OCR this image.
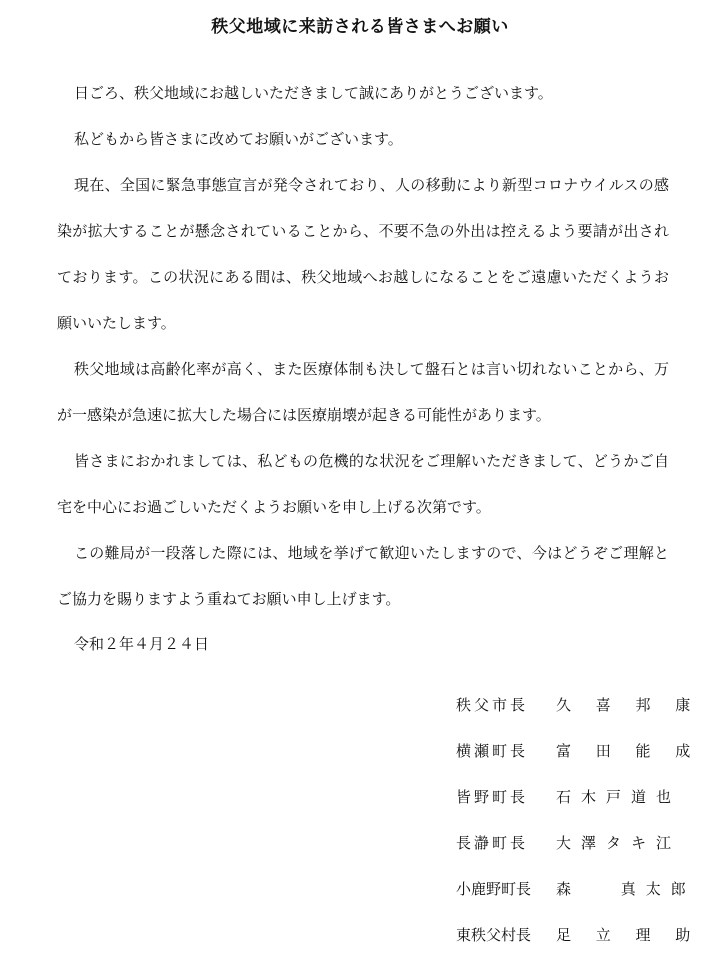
秩父地域に来訪される皆さまへお願い

日ごろ、秩父地域にお越しいただきまして誠にありがとうございます。

私どもから皆さまに改めてお願いがございます。

現在、全国に緊急事態宣言が発令されており、人の移動により新型コロナウイルスの感染が拡大することが懸念されていることから、不要不急の外出は控えるよう要請が出されております。この状況にある間は、秩父地域へお越しになることをご遠慮いただくようお願いいたします。

秩父地域は高齢化率が高く、また医療体制も決して盤石とは言い切れないことから、万が一感染が急速に拡大した場合には医療崩壊が起きる可能性があります。

皆さまにおかれましては、私どもの危機的な状況をご理解いただきまして、どうかご自宅を中心にお過ごしいただくようお願いを申し上げる次第です。

この難局が一段落した際には、地域を挙げて歓迎いたしますので、今はどうぞご理解とご協力を賜りますよう重ねてお願い申し上げます。

令和２年４月２４日
秩父市長	久 喜 邦 康
横瀬町長	富 田 能 成
皆野町長	石木戸道也
長瀞町長	大澤タキ江
小鹿野町長	森　 真太郎
東秩父村長	足 立 理 助
